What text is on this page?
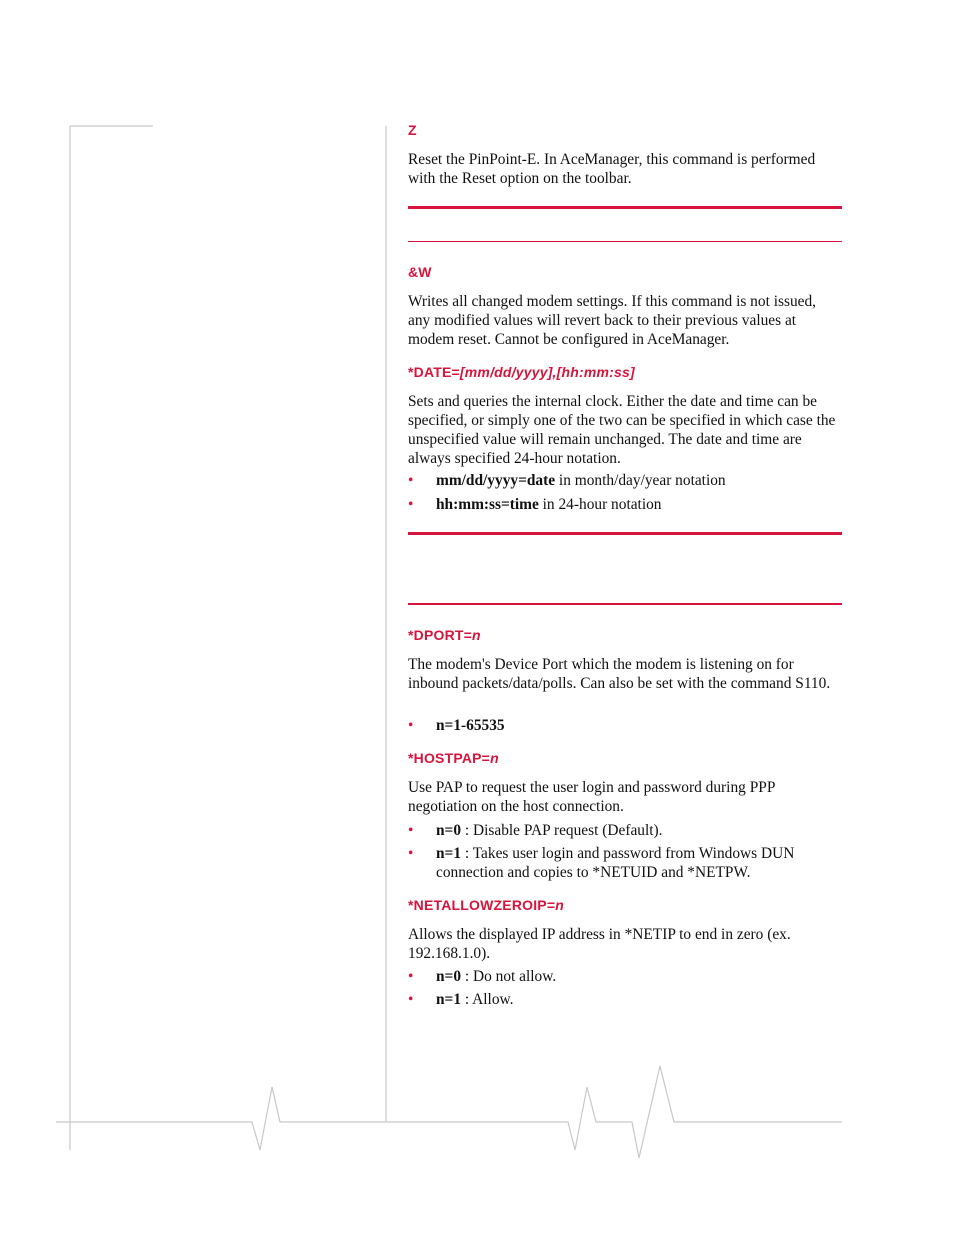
Z

Reset the PinPoint-E. In AceManager, this command is performed with the Reset option on the toolbar.

&W

Writes all changed modem settings. If this command is not issued, any modified values will revert back to their previous values at modem reset. Cannot be configured in AceManager.

*DATE=[mm/dd/yyyy],[hh:mm:ss]

Sets and queries the internal clock. Either the date and time can be specified, or simply one of the two can be specified in which case the unspecified value will remain unchanged. The date and time are always specified 24-hour notation.

• mm/dd/yyyy=date in month/day/year notation
• hh:mm:ss=time in 24-hour notation
*DPORT=n

The modem's Device Port which the modem is listening on for inbound packets/data/polls. Can also be set with the command S110.

• n=1-65535
*HOSTPAP=n

Use PAP to request the user login and password during PPP negotiation on the host connection.

• n=0 : Disable PAP request (Default).
• n=1 : Takes user login and password from Windows DUN connection and copies to *NETUID and *NETPW.
*NETALLOWZEROIP=n

Allows the displayed IP address in *NETIP to end in zero (ex. 192.168.1.0).

• n=0 : Do not allow.
• n=1 : Allow.
